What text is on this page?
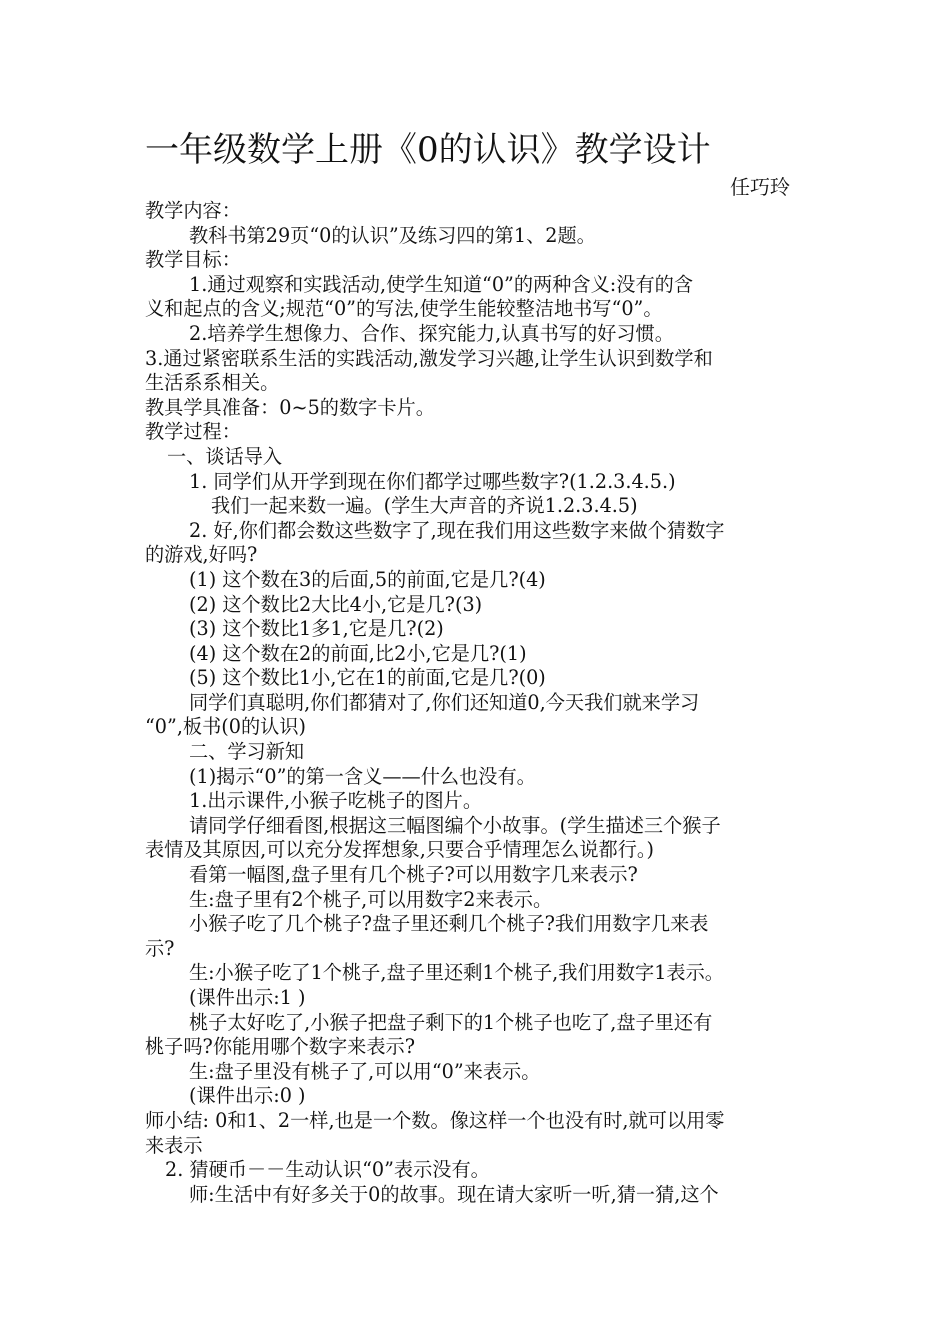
一年级数学上册《0的认识》教学设计
任巧玲
教学内容：
教科书第29页“0的认识”及练习四的第1、2题。
教学目标：
1.通过观察和实践活动,使学生知道“0”的两种含义:没有的含
义和起点的含义;规范“0”的写法,使学生能较整洁地书写“0”。
2.培养学生想像力、合作、探究能力,认真书写的好习惯。
3.通过紧密联系生活的实践活动,激发学习兴趣,让学生认识到数学和
生活系系相关。
教具学具准备：0~5的数字卡片。
教学过程：
一、谈话导入
1. 同学们从开学到现在你们都学过哪些数字?(1.2.3.4.5.)
我们一起来数一遍。(学生大声音的齐说1.2.3.4.5)
2. 好,你们都会数这些数字了,现在我们用这些数字来做个猜数字
的游戏,好吗?
(1) 这个数在3的后面,5的前面,它是几?(4)
(2) 这个数比2大比4小,它是几?(3)
(3) 这个数比1多1,它是几?(2)
(4) 这个数在2的前面,比2小,它是几?(1)
(5) 这个数比1小,它在1的前面,它是几?(0)
同学们真聪明,你们都猜对了,你们还知道0,今天我们就来学习
“0”,板书(0的认识)
二、学习新知
(1)揭示“0”的第一含义——什么也没有。
1.出示课件,小猴子吃桃子的图片。
请同学仔细看图,根据这三幅图编个小故事。(学生描述三个猴子
表情及其原因,可以充分发挥想象,只要合乎情理怎么说都行。)
看第一幅图,盘子里有几个桃子?可以用数字几来表示?
生:盘子里有2个桃子,可以用数字2来表示。
小猴子吃了几个桃子?盘子里还剩几个桃子?我们用数字几来表
示?
生:小猴子吃了1个桃子,盘子里还剩1个桃子,我们用数字1表示。
(课件出示:1 )
桃子太好吃了,小猴子把盘子剩下的1个桃子也吃了,盘子里还有
桃子吗?你能用哪个数字来表示?
生:盘子里没有桃子了,可以用“0”来表示。
(课件出示:0 )
师小结: 0和1、2一样,也是一个数。像这样一个也没有时,就可以用零
来表示
2. 猜硬币－－生动认识“0”表示没有。
师:生活中有好多关于0的故事。现在请大家听一听,猜一猜,这个
